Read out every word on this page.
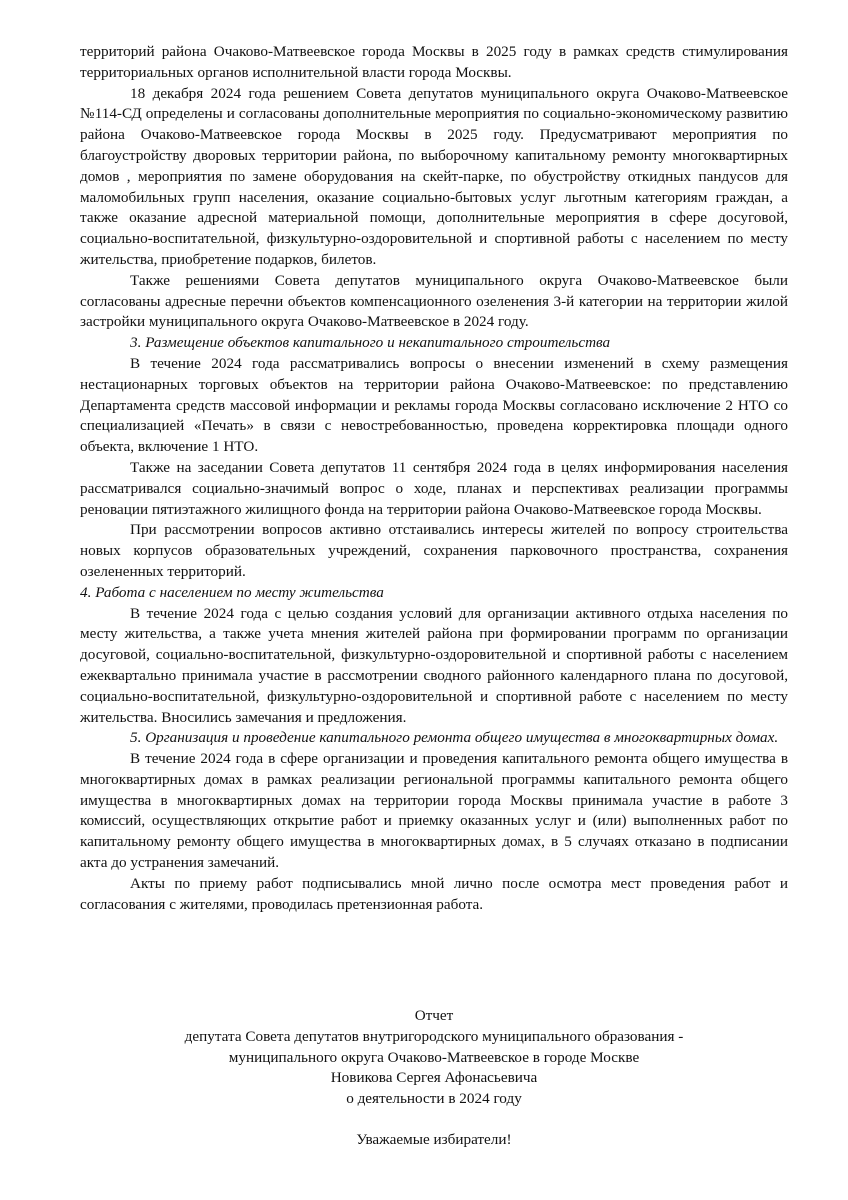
территорий района Очаково-Матвеевское города Москвы в 2025 году в рамках средств стимулирования территориальных органов исполнительной власти города Москвы.

18 декабря 2024 года решением Совета депутатов муниципального округа Очаково-Матвеевское №114-СД определены и согласованы дополнительные мероприятия по социально-экономическому развитию района Очаково-Матвеевское города Москвы в 2025 году. Предусматривают мероприятия по благоустройству дворовых территории района, по выборочному капитальному ремонту многоквартирных домов , мероприятия по замене оборудования на скейт-парке, по обустройству откидных пандусов для маломобильных групп населения, оказание социально-бытовых услуг льготным категориям граждан, а также оказание адресной материальной помощи, дополнительные мероприятия в сфере досуговой, социально-воспитательной, физкультурно-оздоровительной и спортивной работы с населением по месту жительства, приобретение подарков, билетов.

Также решениями Совета депутатов муниципального округа Очаково-Матвеевское были согласованы адресные перечни объектов компенсационного озеленения 3-й категории на территории жилой застройки муниципального округа Очаково-Матвеевское в 2024 году.

3. Размещение объектов капитального и некапитального строительства

В течение 2024 года рассматривались вопросы о внесении изменений в схему размещения нестационарных торговых объектов на территории района Очаково-Матвеевское: по представлению Департамента средств массовой информации и рекламы города Москвы согласовано исключение 2 НТО со специализацией «Печать» в связи с невостребованностью, проведена корректировка площади одного объекта, включение 1 НТО.

Также на заседании Совета депутатов 11 сентября 2024 года в целях информирования населения рассматривался социально-значимый вопрос о ходе, планах и перспективах реализации программы реновации пятиэтажного жилищного фонда на территории района Очаково-Матвеевское города Москвы.

При рассмотрении вопросов активно отстаивались интересы жителей по вопросу строительства новых корпусов образовательных учреждений, сохранения парковочного пространства, сохранения озелененных территорий.

4. Работа с населением по месту жительства

В течение 2024 года с целью создания условий для организации активного отдыха населения по месту жительства, а также учета мнения жителей района при формировании программ по организации досуговой, социально-воспитательной, физкультурно-оздоровительной и спортивной работы с населением ежеквартально принимала участие в рассмотрении сводного районного календарного плана по досуговой, социально-воспитательной, физкультурно-оздоровительной и спортивной работе с населением по месту жительства. Вносились замечания и предложения.

5. Организация и проведение капитального ремонта общего имущества в многоквартирных домах.

В течение 2024 года в сфере организации и проведения капитального ремонта общего имущества в многоквартирных домах в рамках реализации региональной программы капитального ремонта общего имущества в многоквартирных домах на территории города Москвы принимала участие в работе 3 комиссий, осуществляющих открытие работ и приемку оказанных услуг и (или) выполненных работ по капитальному ремонту общего имущества в многоквартирных домах, в 5 случаях отказано в подписании акта до устранения замечаний.

Акты по приему работ подписывались мной лично после осмотра мест проведения работ и согласования с жителями, проводилась претензионная работа.

Отчет

депутата Совета депутатов внутригородского муниципального образования -

муниципального округа Очаково-Матвеевское в городе Москве

Новикова Сергея Афонасьевича

о деятельности в 2024 году

Уважаемые избиратели!
